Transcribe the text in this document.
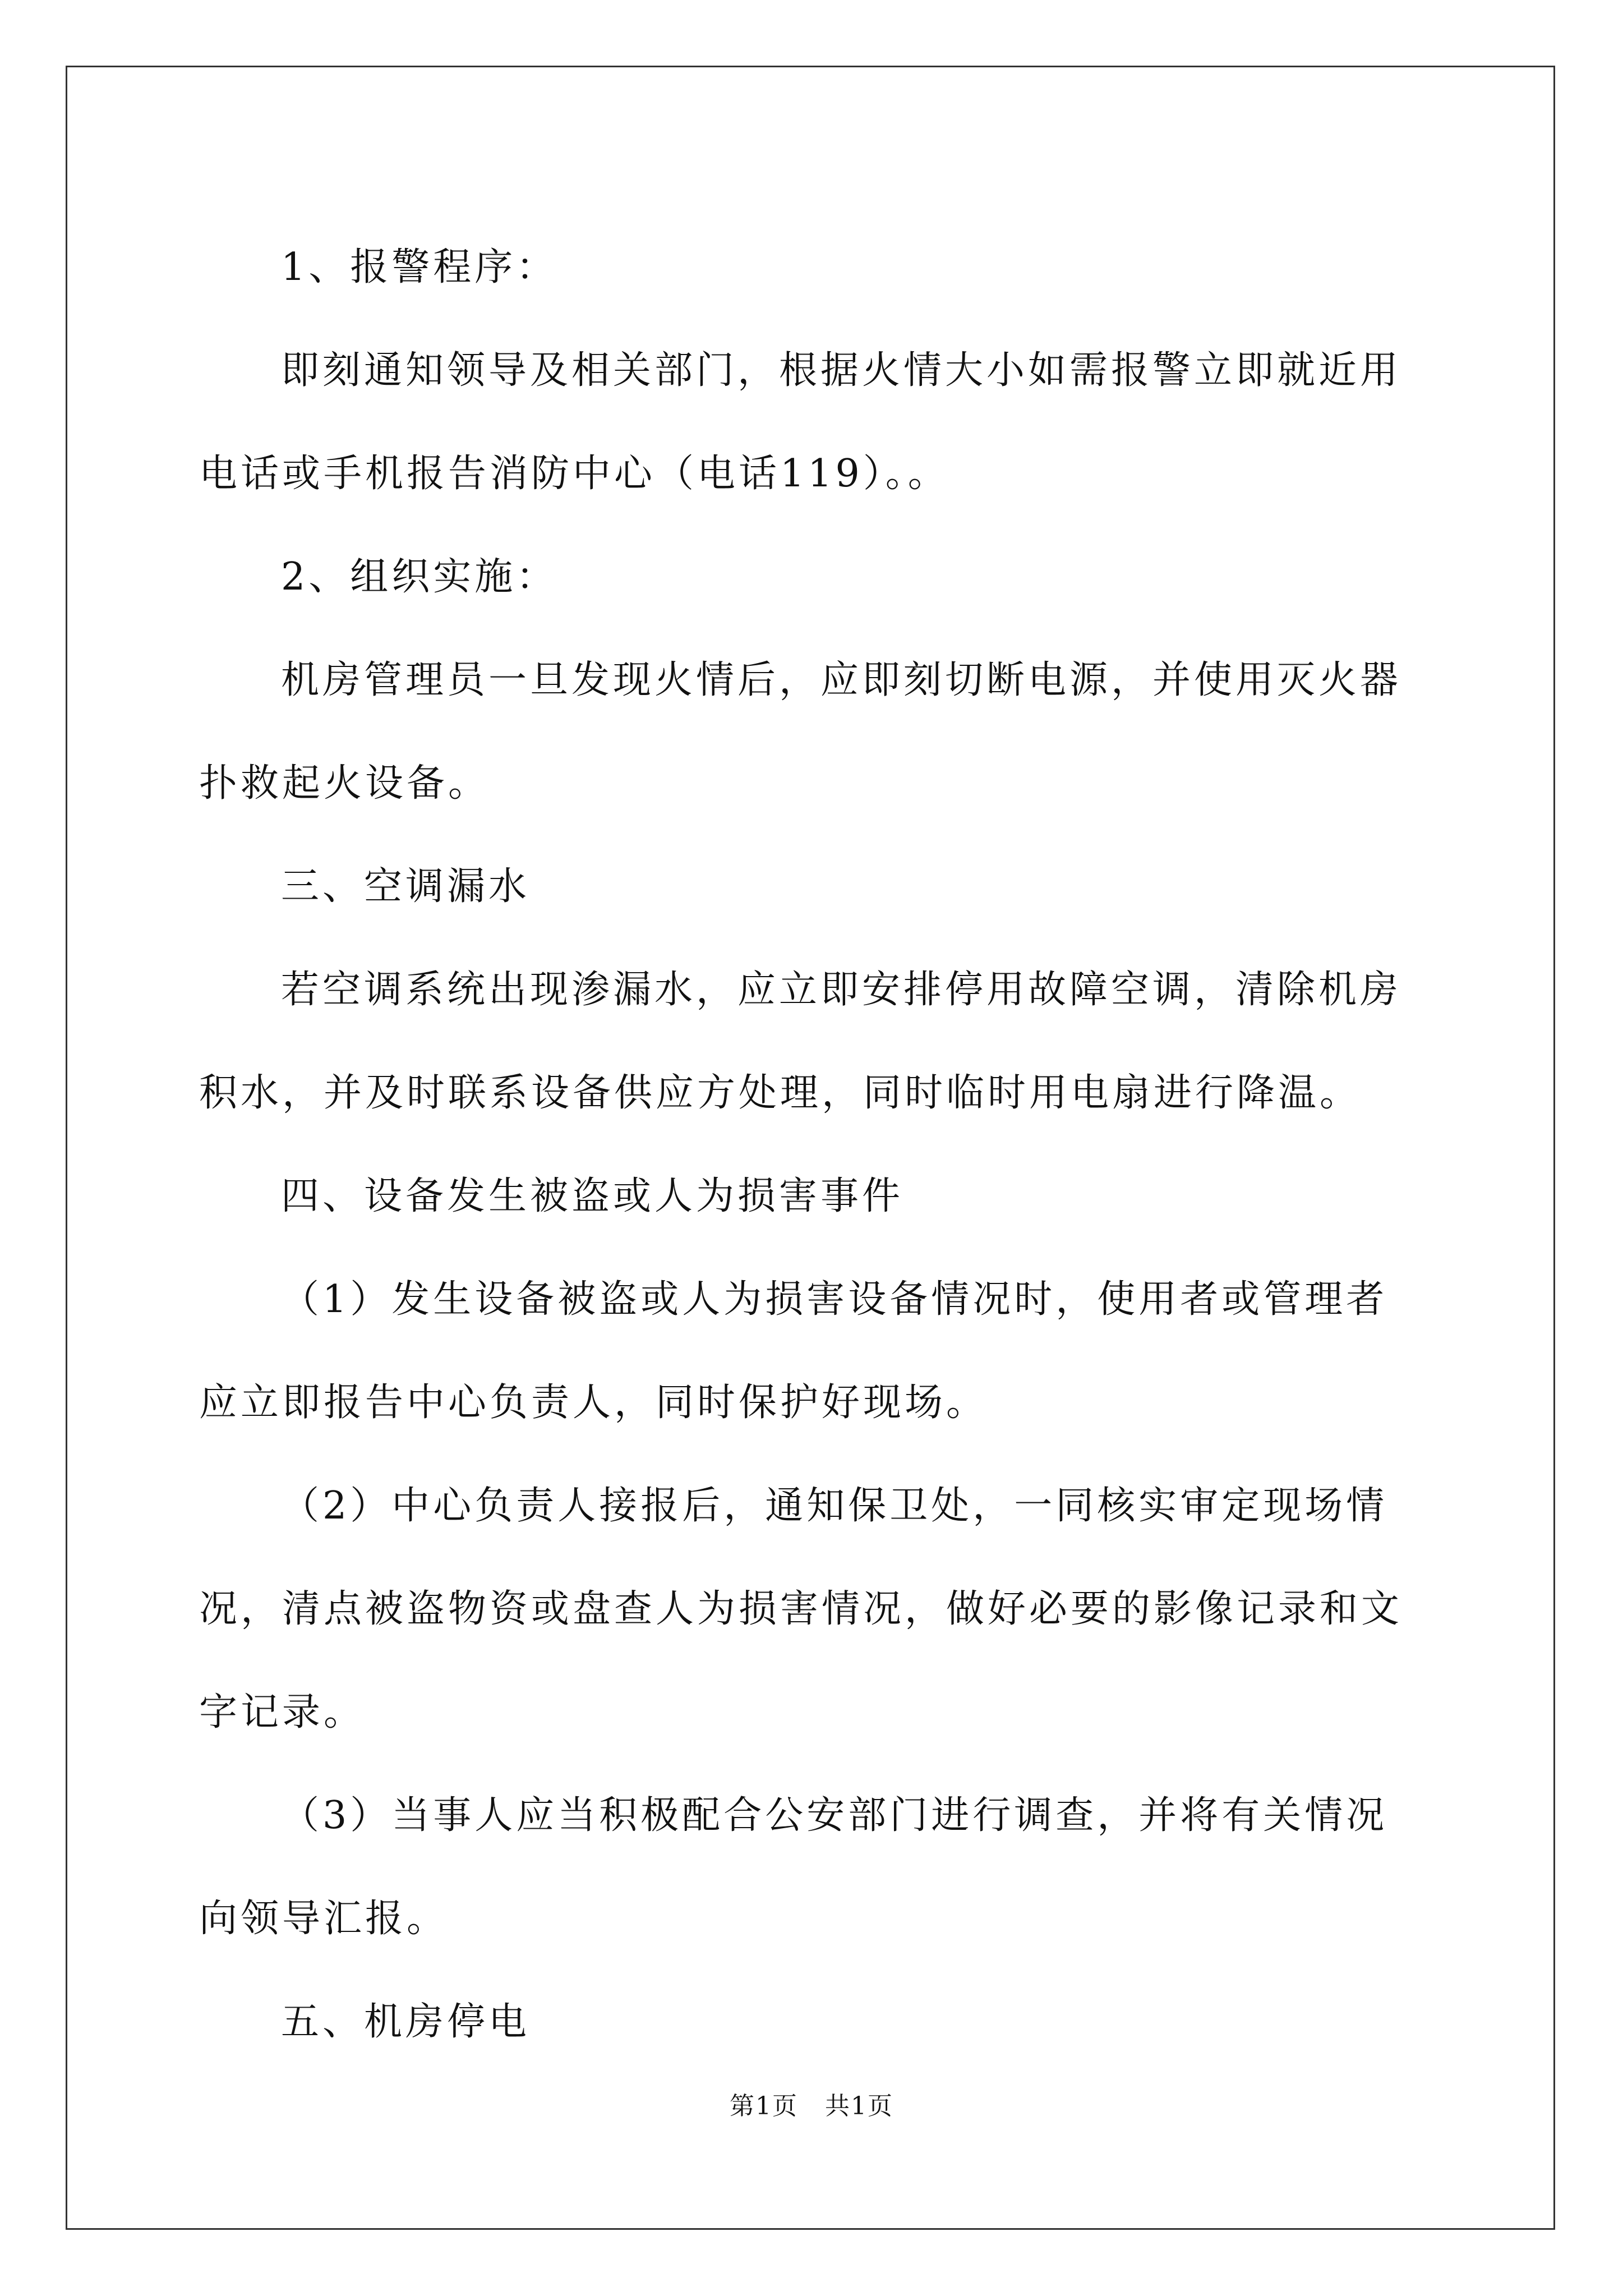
1、报警程序：

即刻通知领导及相关部门，根据火情大小如需报警立即就近用电话或手机报告消防中心（电话119）。。

2、组织实施：

机房管理员一旦发现火情后，应即刻切断电源，并使用灭火器扑救起火设备。

三、空调漏水

若空调系统出现渗漏水，应立即安排停用故障空调，清除机房积水，并及时联系设备供应方处理，同时临时用电扇进行降温。

四、设备发生被盗或人为损害事件

（1）发生设备被盗或人为损害设备情况时，使用者或管理者应立即报告中心负责人，同时保护好现场。

（2）中心负责人接报后，通知保卫处，一同核实审定现场情况，清点被盗物资或盘查人为损害情况，做好必要的影像记录和文字记录。

（3）当事人应当积极配合公安部门进行调查，并将有关情况向领导汇报。

五、机房停电

第1页   共1页
